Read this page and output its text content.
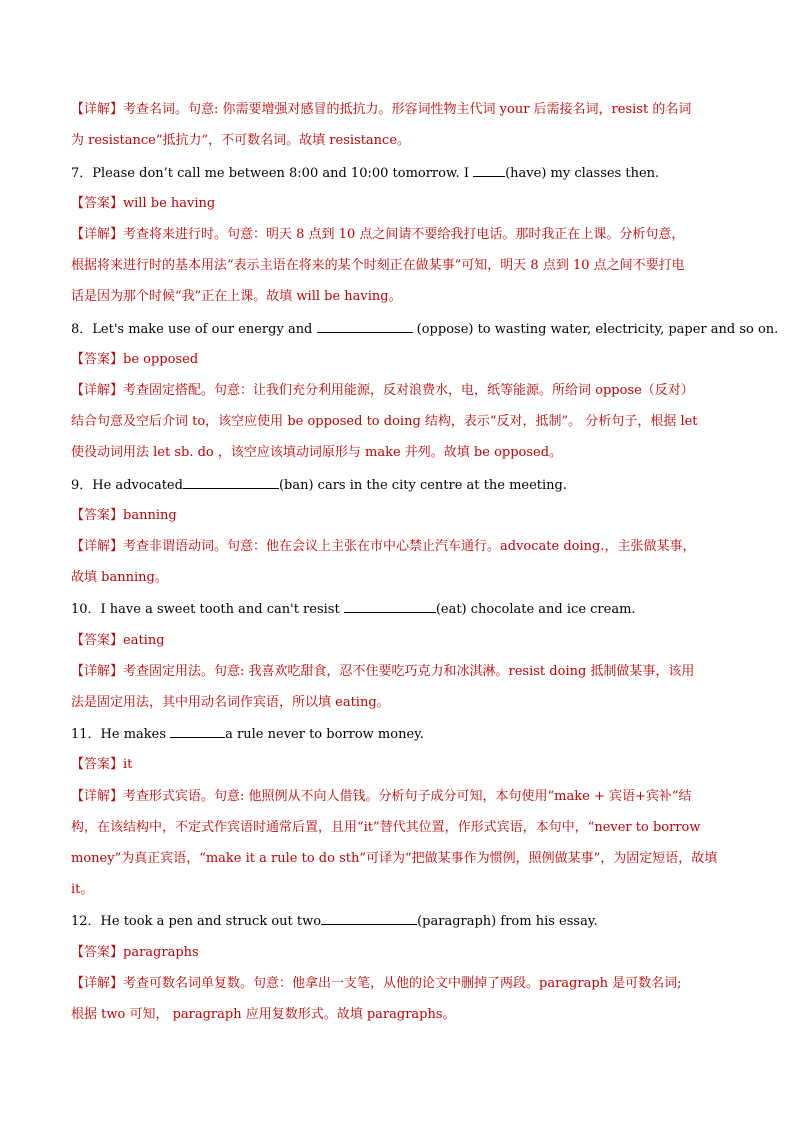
【详解】考查名词。句意: 你需要增强对感冒的抵抗力。形容词性物主代词 your 后需接名词，resist 的名词
为 resistance“抵抗力”，不可数名词。故填 resistance。
7．Please don’t call me between 8:00 and 10:00 tomorrow. I (have) my classes then.
【答案】will be having
【详解】考查将来进行时。句意：明天 8 点到 10 点之间请不要给我打电话。那时我正在上课。分析句意，
根据将来进行时的基本用法“表示主语在将来的某个时刻正在做某事”可知，明天 8 点到 10 点之间不要打电
话是因为那个时候“我”正在上课。故填 will be having。
8．Let's make use of our energy and	(oppose) to wasting water, electricity, paper and so on.
【答案】be opposed
【详解】考查固定搭配。句意：让我们充分利用能源，反对浪费水，电，纸等能源。所给词 oppose（反对）
结合句意及空后介词 to，该空应使用 be opposed to doing 结构，表示“反对，抵制”。 分析句子，根据 let
使役动词用法 let sb. do ，该空应该填动词原形与 make 并列。故填 be opposed。
9．He advocated	(ban) cars in the city centre at the meeting.
【答案】banning
【详解】考查非谓语动词。句意：他在会议上主张在市中心禁止汽车通行。advocate doing.，主张做某事，
故填 banning。
10．I have a sweet tooth and can't resist	(eat) chocolate and ice cream.
【答案】eating
【详解】考查固定用法。句意: 我喜欢吃甜食，忍不住要吃巧克力和冰淇淋。resist doing 抵制做某事，该用
法是固定用法，其中用动名词作宾语，所以填 eating。
11．He makes	a rule never to borrow money.
【答案】it
【详解】考查形式宾语。句意: 他照例从不向人借钱。分析句子成分可知，本句使用“make + 宾语+宾补”结
构，在该结构中，不定式作宾语时通常后置，且用“it”替代其位置，作形式宾语，本句中，“never to borrow
money”为真正宾语，“make it a rule to do sth”可译为“把做某事作为惯例，照例做某事”，为固定短语，故填
it。
12．He took a pen and struck out two	(paragraph) from his essay.
【答案】paragraphs
【详解】考查可数名词单复数。句意：他拿出一支笔，从他的论文中删掉了两段。paragraph 是可数名词;
根据 two 可知， paragraph 应用复数形式。故填 paragraphs。
